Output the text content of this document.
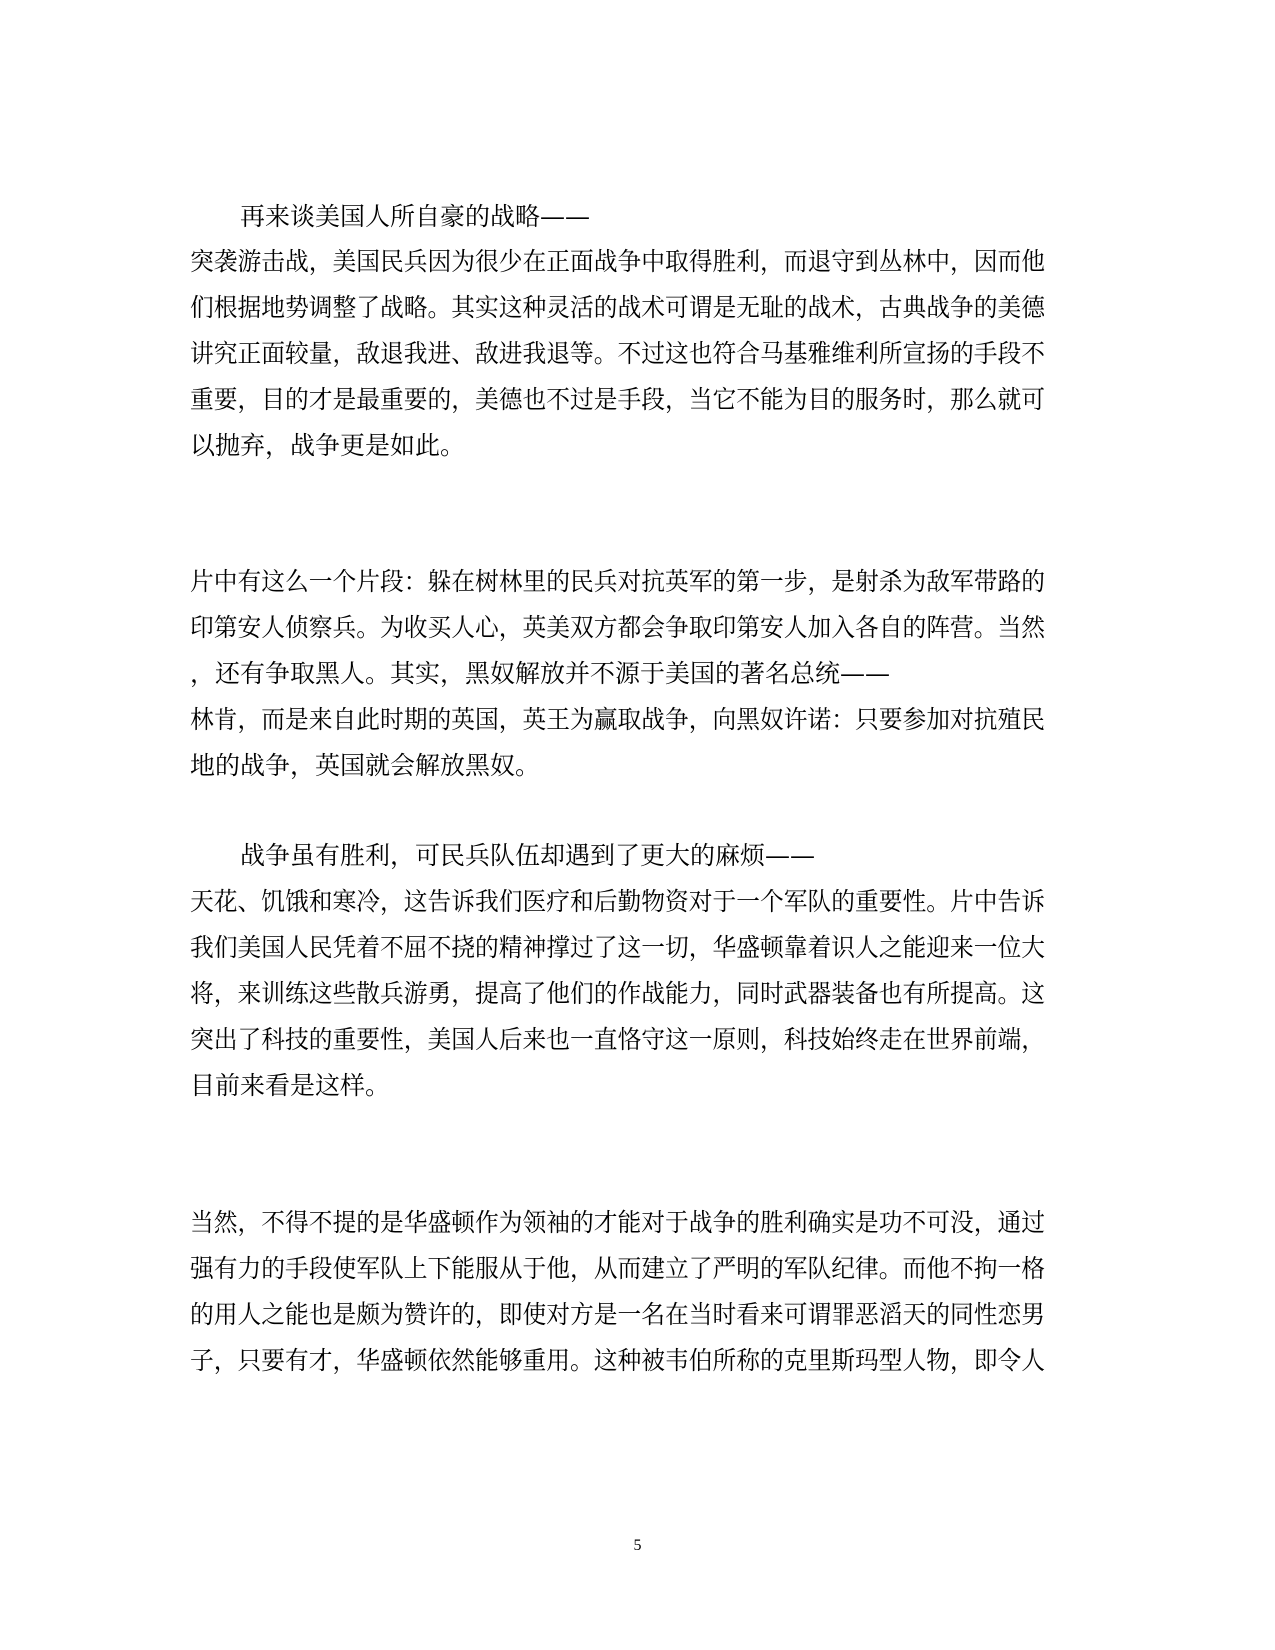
再来谈美国人所自豪的战略——
突袭游击战，美国民兵因为很少在正面战争中取得胜利，而退守到丛林中，因而他
们根据地势调整了战略。其实这种灵活的战术可谓是无耻的战术，古典战争的美德
讲究正面较量，敌退我进、敌进我退等。不过这也符合马基雅维利所宣扬的手段不
重要，目的才是最重要的，美德也不过是手段，当它不能为目的服务时，那么就可
以抛弃，战争更是如此。
片中有这么一个片段：躲在树林里的民兵对抗英军的第一步，是射杀为敌军带路的
印第安人侦察兵。为收买人心，英美双方都会争取印第安人加入各自的阵营。当然
，还有争取黑人。其实，黑奴解放并不源于美国的著名总统——
林肯，而是来自此时期的英国，英王为赢取战争，向黑奴许诺：只要参加对抗殖民
地的战争，英国就会解放黑奴。
战争虽有胜利，可民兵队伍却遇到了更大的麻烦——
天花、饥饿和寒冷，这告诉我们医疗和后勤物资对于一个军队的重要性。片中告诉
我们美国人民凭着不屈不挠的精神撑过了这一切，华盛顿靠着识人之能迎来一位大
将，来训练这些散兵游勇，提高了他们的作战能力，同时武器装备也有所提高。这
突出了科技的重要性，美国人后来也一直恪守这一原则，科技始终走在世界前端，
目前来看是这样。
当然，不得不提的是华盛顿作为领袖的才能对于战争的胜利确实是功不可没，通过
强有力的手段使军队上下能服从于他，从而建立了严明的军队纪律。而他不拘一格
的用人之能也是颇为赞许的，即使对方是一名在当时看来可谓罪恶滔天的同性恋男
子，只要有才，华盛顿依然能够重用。这种被韦伯所称的克里斯玛型人物，即令人
5
